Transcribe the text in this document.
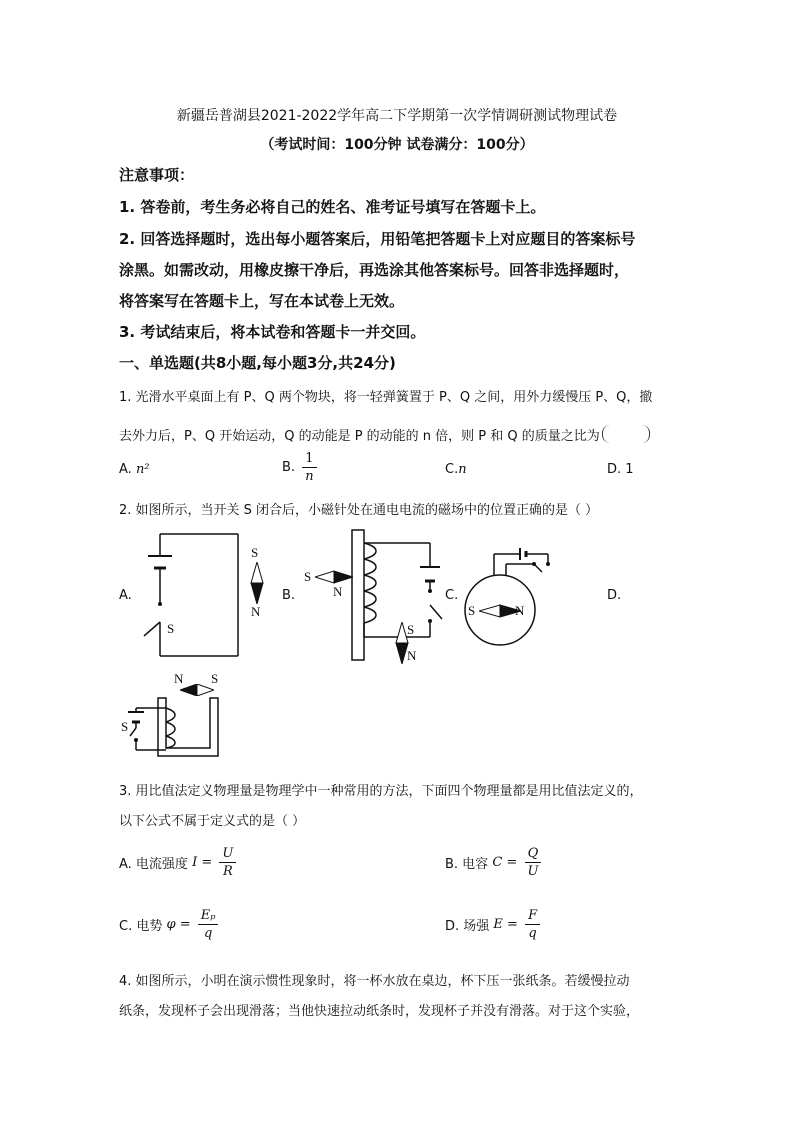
新疆岳普湖县2021-2022学年高二下学期第一次学情调研测试物理试卷
（考试时间：100分钟 试卷满分：100分）
注意事项：
1. 答卷前，考生务必将自己的姓名、准考证号填写在答题卡上。
2. 回答选择题时，选出每小题答案后，用铅笔把答题卡上对应题目的答案标号
涂黑。如需改动，用橡皮擦干净后，再选涂其他答案标号。回答非选择题时，
将答案写在答题卡上，写在本试卷上无效。
3. 考试结束后，将本试卷和答题卡一并交回。
一、单选题(共8小题,每小题3分,共24分)
1. 光滑水平桌面上有 P、Q 两个物块，将一轻弹簧置于 P、Q 之间，用外力缓慢压 P、Q，撤
去外力后，P、Q 开始运动，Q 的动能是 P 的动能的 n 倍，则 P 和 Q 的质量之比为
A. n²	B. $\frac{1}{n}$	C.n	D. 1
2. 如图所示，当开关 S 闭合后，小磁针处在通电电流的磁场中的位置正确的是（ ）
A.	B.	C.	D.
S
S
N
S
N
S
N
S	N
N S
S
3. 用比值法定义物理量是物理学中一种常用的方法，下面四个物理量都是用比值法定义的，
以下公式不属于定义式的是（ ）
A. 电流强度 $I = \frac{U}{R}$	B. 电容 $C = \frac{Q}{U}$
C. 电势 $\varphi = \frac{\text{Eₚ}}{q}$	D. 场强 $E = \frac{F}{q}$
4. 如图所示，小明在演示惯性现象时，将一杯水放在桌边，杯下压一张纸条。若缓慢拉动
纸条，发现杯子会出现滑落；当他快速拉动纸条时，发现杯子并没有滑落。对于这个实验，
